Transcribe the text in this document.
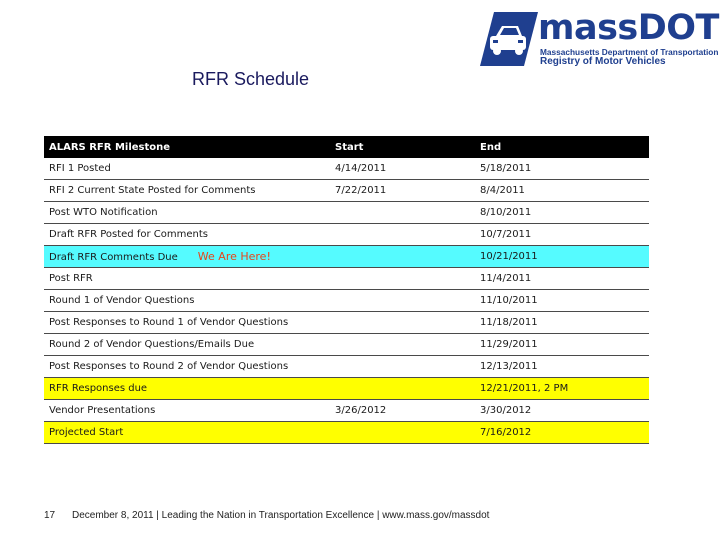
massDOT
Massachusetts Department of Transportation
Registry of Motor Vehicles
RFR Schedule
ALARS RFR Milestone	Start	End
RFI 1 Posted	4/14/2011	5/18/2011
RFI 2 Current State Posted for Comments	7/22/2011	8/4/2011
Post WTO Notification		8/10/2011
Draft RFR Posted for Comments		10/7/2011
Draft RFR Comments Due We Are Here!		10/21/2011
Post RFR		11/4/2011
Round 1 of Vendor Questions		11/10/2011
Post Responses to Round 1 of Vendor Questions		11/18/2011
Round 2 of Vendor Questions/Emails Due		11/29/2011
Post Responses to Round 2 of Vendor Questions		12/13/2011
RFR Responses due		12/21/2011, 2 PM
Vendor Presentations	3/26/2012	3/30/2012
Projected Start		7/16/2012
17 December 8, 2011 | Leading the Nation in Transportation Excellence | www.mass.gov/massdot
